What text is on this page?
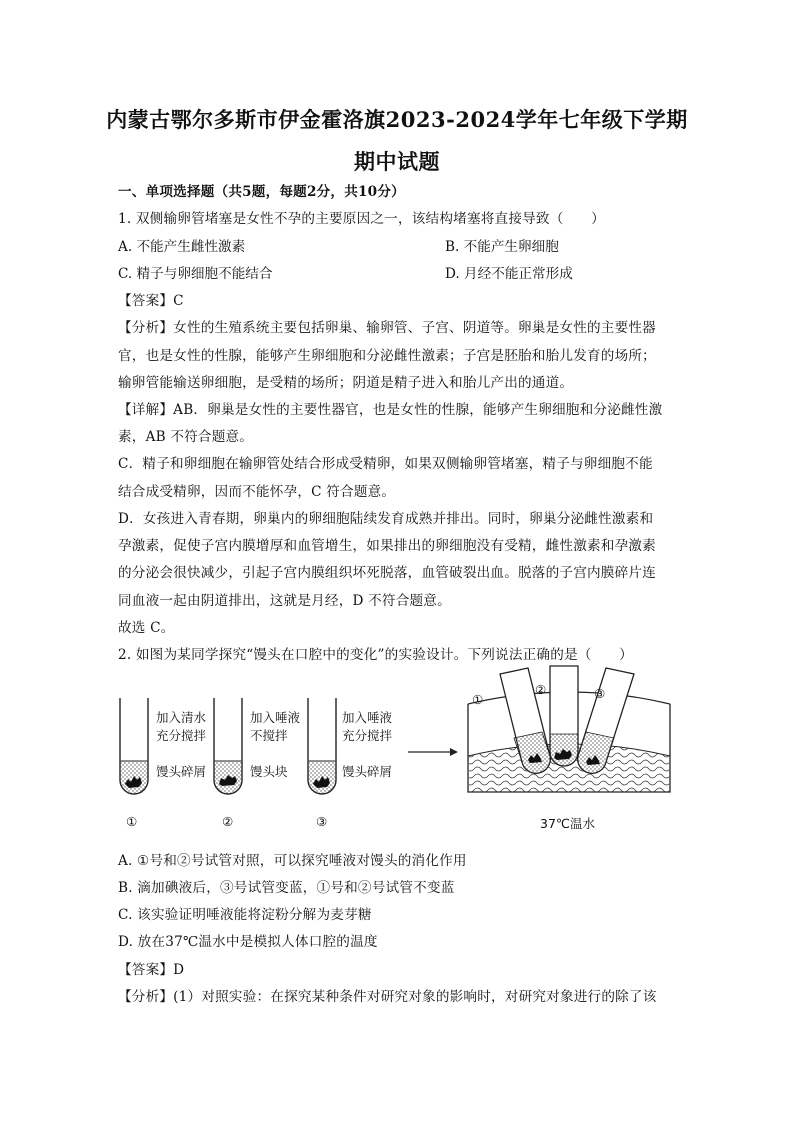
内蒙古鄂尔多斯市伊金霍洛旗2023-2024学年七年级下学期
期中试题
一、单项选择题（共5题，每题2分，共10分）
1. 双侧输卵管堵塞是女性不孕的主要原因之一，该结构堵塞将直接导致（　　）
A. 不能产生雌性激素	B. 不能产生卵细胞
C. 精子与卵细胞不能结合	D. 月经不能正常形成
【答案】C
【分析】女性的生殖系统主要包括卵巢、输卵管、子宫、阴道等。卵巢是女性的主要性器
官，也是女性的性腺，能够产生卵细胞和分泌雌性激素；子宫是胚胎和胎儿发育的场所；
输卵管能输送卵细胞，是受精的场所；阴道是精子进入和胎儿产出的通道。
【详解】AB．卵巢是女性的主要性器官，也是女性的性腺，能够产生卵细胞和分泌雌性激
素，AB 不符合题意。
C．精子和卵细胞在输卵管处结合形成受精卵，如果双侧输卵管堵塞，精子与卵细胞不能
结合成受精卵，因而不能怀孕，C 符合题意。
D．女孩进入青春期，卵巢内的卵细胞陆续发育成熟并排出。同时，卵巢分泌雌性激素和
孕激素，促使子宫内膜增厚和血管增生，如果排出的卵细胞没有受精，雌性激素和孕激素
的分泌会很快减少，引起子宫内膜组织坏死脱落，血管破裂出血。脱落的子宫内膜碎片连
同血液一起由阴道排出，这就是月经，D 不符合题意。
故选 C。
2. 如图为某同学探究“馒头在口腔中的变化”的实验设计。下列说法正确的是（　　）
加入清水
充分搅拌
馒头碎屑
①
加入唾液
不搅拌
馒头块
②
加入唾液
充分搅拌
馒头碎屑
③
①
②	③
37℃温水
A. ①号和②号试管对照，可以探究唾液对馒头的消化作用
B. 滴加碘液后，③号试管变蓝，①号和②号试管不变蓝
C. 该实验证明唾液能将淀粉分解为麦芽糖
D. 放在37℃温水中是模拟人体口腔的温度
【答案】D
【分析】(1）对照实验：在探究某种条件对研究对象的影响时，对研究对象进行的除了该
